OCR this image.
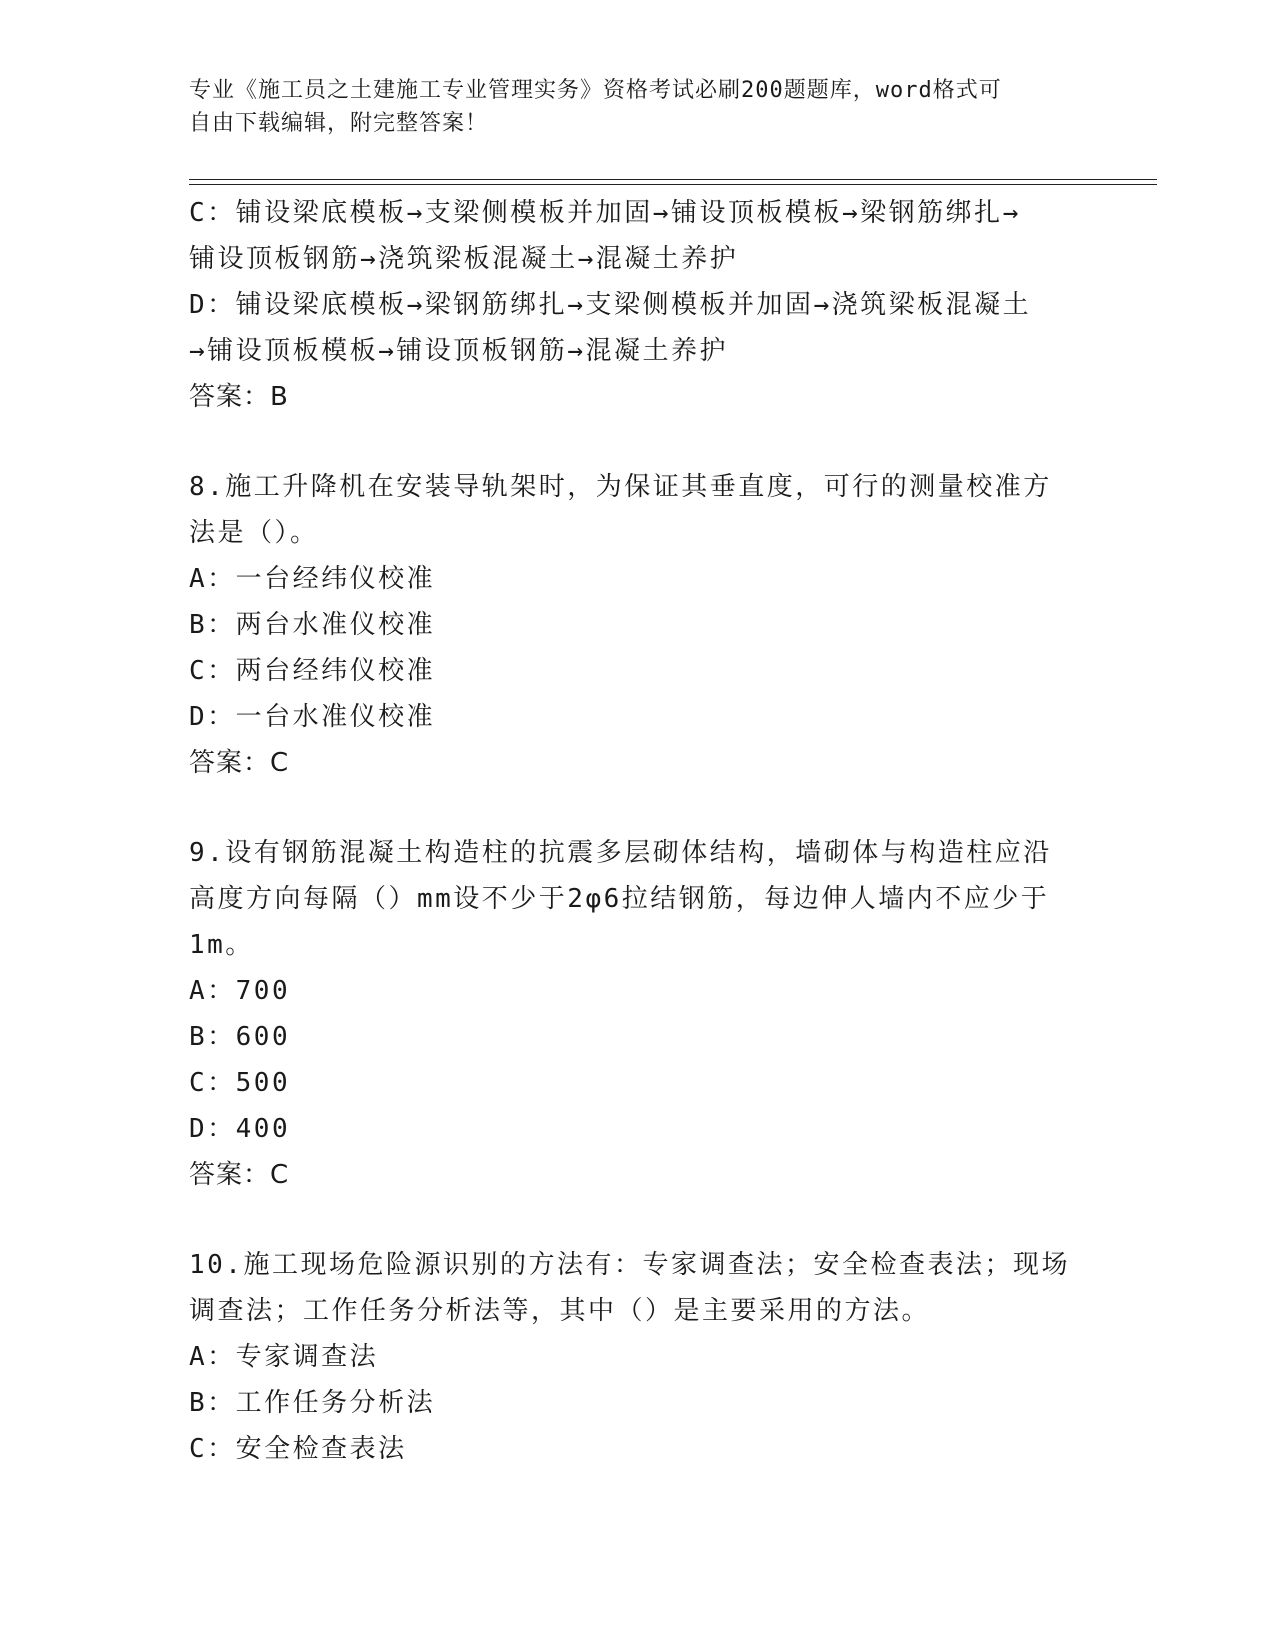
专业《施工员之土建施工专业管理实务》资格考试必刷200题题库，word格式可
自由下载编辑，附完整答案！
C：铺设梁底模板→支梁侧模板并加固→铺设顶板模板→梁钢筋绑扎→
铺设顶板钢筋→浇筑梁板混凝土→混凝土养护
D：铺设梁底模板→梁钢筋绑扎→支梁侧模板并加固→浇筑梁板混凝土
→铺设顶板模板→铺设顶板钢筋→混凝土养护
答案：B
8.施工升降机在安装导轨架时，为保证其垂直度，可行的测量校准方
法是（）。
A：一台经纬仪校准
B：两台水准仪校准
C：两台经纬仪校准
D：一台水准仪校准
答案：C
9.设有钢筋混凝土构造柱的抗震多层砌体结构，墙砌体与构造柱应沿
高度方向每隔（）mm设不少于2φ6拉结钢筋，每边伸人墙内不应少于
1m。
A：700
B：600
C：500
D：400
答案：C
10.施工现场危险源识别的方法有：专家调查法；安全检查表法；现场
调查法；工作任务分析法等，其中（）是主要采用的方法。
A：专家调查法
B：工作任务分析法
C：安全检查表法
